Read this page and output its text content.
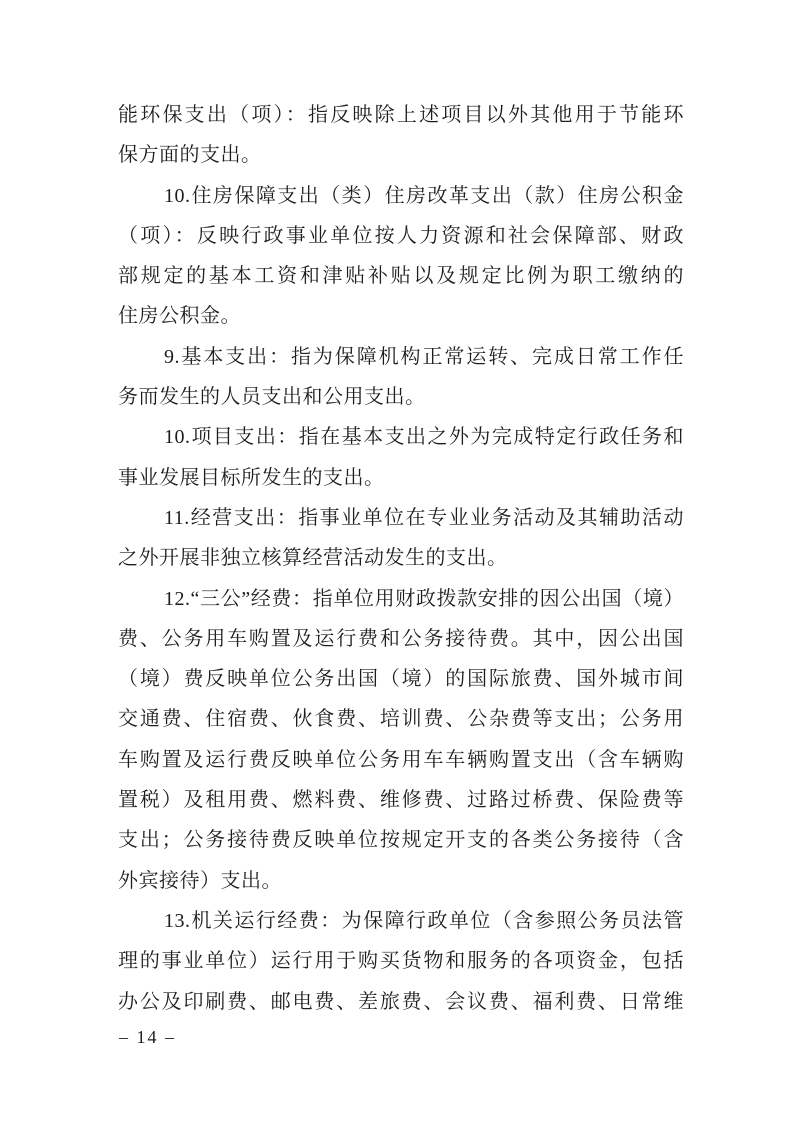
能环保支出（项）：指反映除上述项目以外其他用于节能环
保方面的支出。
10.住房保障支出（类）住房改革支出（款）住房公积金
（项）：反映行政事业单位按人力资源和社会保障部、财政
部规定的基本工资和津贴补贴以及规定比例为职工缴纳的
住房公积金。
9.基本支出：指为保障机构正常运转、完成日常工作任
务而发生的人员支出和公用支出。
10.项目支出：指在基本支出之外为完成特定行政任务和
事业发展目标所发生的支出。
11.经营支出：指事业单位在专业业务活动及其辅助活动
之外开展非独立核算经营活动发生的支出。
12.“三公”经费：指单位用财政拨款安排的因公出国（境）
费、公务用车购置及运行费和公务接待费。其中，因公出国
（境）费反映单位公务出国（境）的国际旅费、国外城市间
交通费、住宿费、伙食费、培训费、公杂费等支出；公务用
车购置及运行费反映单位公务用车车辆购置支出（含车辆购
置税）及租用费、燃料费、维修费、过路过桥费、保险费等
支出；公务接待费反映单位按规定开支的各类公务接待（含
外宾接待）支出。
13.机关运行经费：为保障行政单位（含参照公务员法管
理的事业单位）运行用于购买货物和服务的各项资金，包括
办公及印刷费、邮电费、差旅费、会议费、福利费、日常维
– 14 –
